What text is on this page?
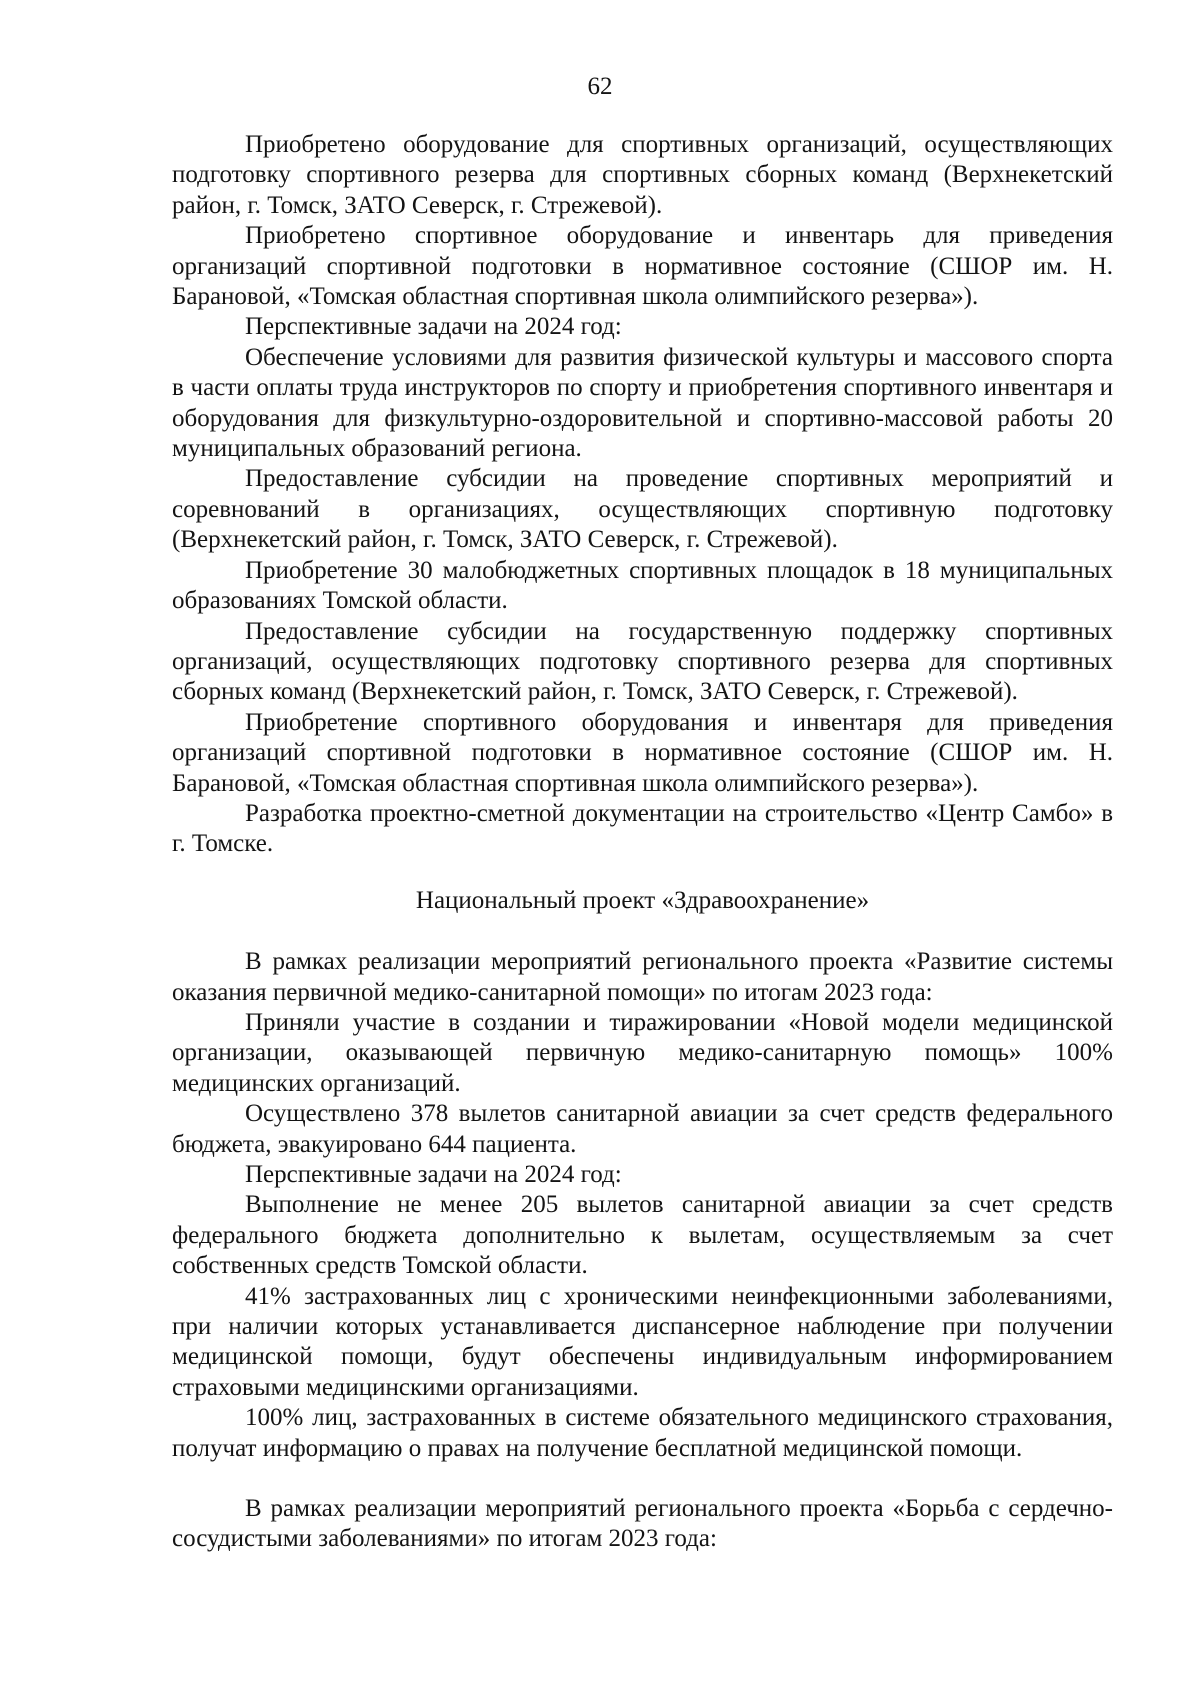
62

Приобретено оборудование для спортивных организаций, осуществляющих подготовку спортивного резерва для спортивных сборных команд (Верхнекетский район, г. Томск, ЗАТО Северск, г. Стрежевой).

Приобретено спортивное оборудование и инвентарь для приведения организаций спортивной подготовки в нормативное состояние (СШОР им. Н. Барановой, «Томская областная спортивная школа олимпийского резерва»).

Перспективные задачи на 2024 год:

Обеспечение условиями для развития физической культуры и массового спорта в части оплаты труда инструкторов по спорту и приобретения спортивного инвентаря и оборудования для физкультурно-оздоровительной и спортивно-массовой работы 20 муниципальных образований региона.

Предоставление субсидии на проведение спортивных мероприятий и соревнований в организациях, осуществляющих спортивную подготовку (Верхнекетский район, г. Томск, ЗАТО Северск, г. Стрежевой).

Приобретение 30 малобюджетных спортивных площадок в 18 муниципальных образованиях Томской области.

Предоставление субсидии на государственную поддержку спортивных организаций, осуществляющих подготовку спортивного резерва для спортивных сборных команд (Верхнекетский район, г. Томск, ЗАТО Северск, г. Стрежевой).

Приобретение спортивного оборудования и инвентаря для приведения организаций спортивной подготовки в нормативное состояние (СШОР им. Н. Барановой, «Томская областная спортивная школа олимпийского резерва»).

Разработка проектно-сметной документации на строительство «Центр Самбо» в г. Томске.

Национальный проект «Здравоохранение»

В рамках реализации мероприятий регионального проекта «Развитие системы оказания первичной медико-санитарной помощи» по итогам 2023 года:

Приняли участие в создании и тиражировании «Новой модели медицинской организации, оказывающей первичную медико-санитарную помощь» 100% медицинских организаций.

Осуществлено 378 вылетов санитарной авиации за счет средств федерального бюджета, эвакуировано 644 пациента.

Перспективные задачи на 2024 год:

Выполнение не менее 205 вылетов санитарной авиации за счет средств федерального бюджета дополнительно к вылетам, осуществляемым за счет собственных средств Томской области.

41% застрахованных лиц с хроническими неинфекционными заболеваниями, при наличии которых устанавливается диспансерное наблюдение при получении медицинской помощи, будут обеспечены индивидуальным информированием страховыми медицинскими организациями.

100% лиц, застрахованных в системе обязательного медицинского страхования, получат информацию о правах на получение бесплатной медицинской помощи.

В рамках реализации мероприятий регионального проекта «Борьба с сердечно-сосудистыми заболеваниями» по итогам 2023 года:
